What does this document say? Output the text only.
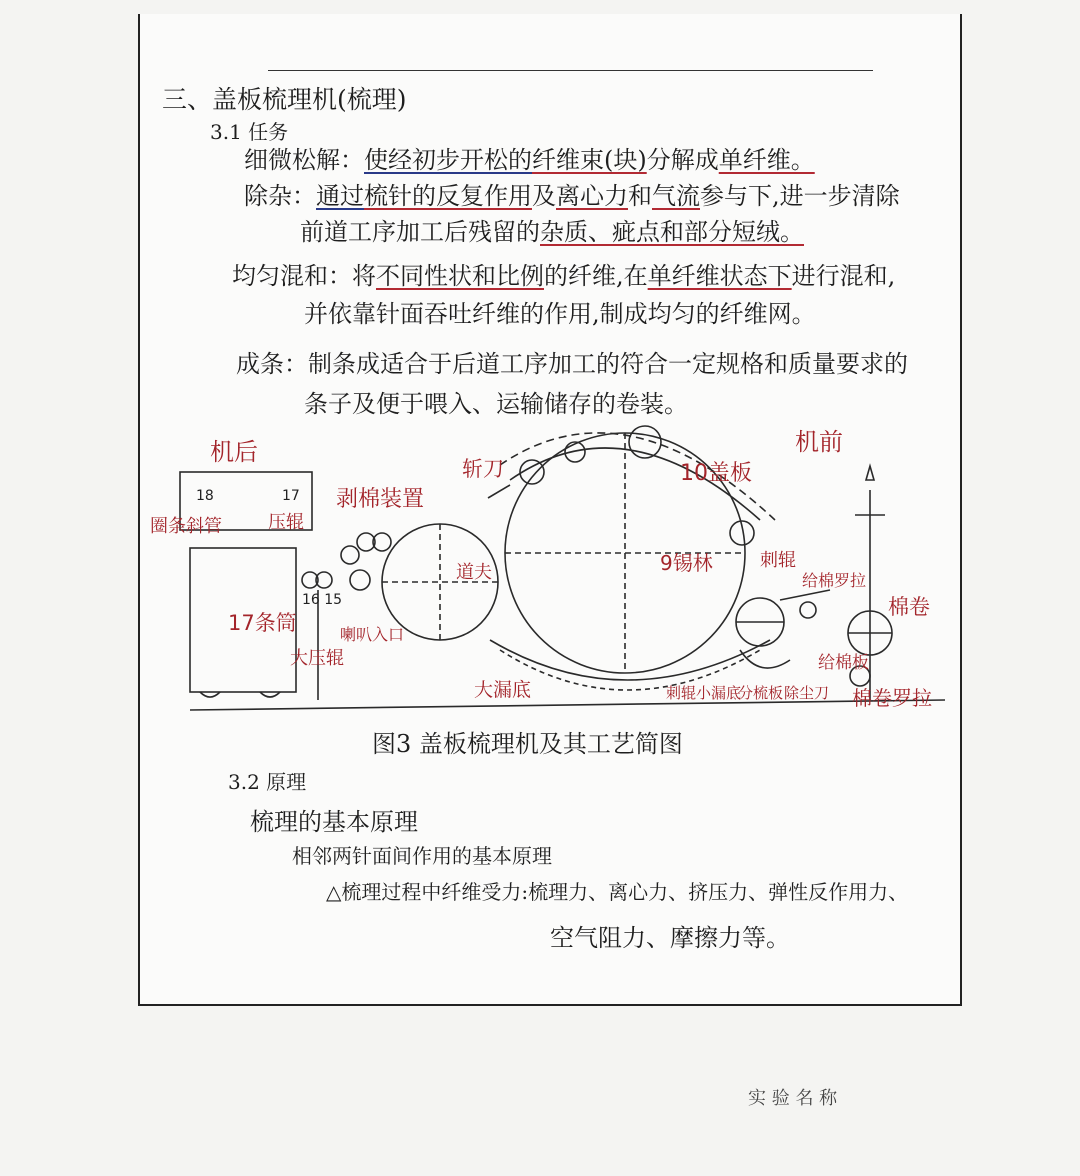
三、盖板梳理机(梳理)
3.1 任务
细微松解：使经初步开松的纤维束(块)分解成单纤维。
除杂：通过梳针的反复作用及离心力和气流参与下,进一步清除
前道工序加工后残留的杂质、疵点和部分短绒。
均匀混和：将不同性状和比例的纤维,在单纤维状态下进行混和,
并依靠针面吞吐纤维的作用,制成均匀的纤维网。
成条：制条成适合于后道工序加工的符合一定规格和质量要求的
条子及便于喂入、运输储存的卷装。
机后	机前
圈条斜管	压辊
17条筒
大压辊
喇叭入口
剥棉装置
道夫
斩刀	10盖板
9锡林	刺辊
给棉罗拉
棉卷
给棉板
棉卷罗拉
除尘刀
分梳板
刺辊小漏底
大漏底
18	17
16 15
图3 盖板梳理机及其工艺简图
3.2 原理
梳理的基本原理
相邻两针面间作用的基本原理
△梳理过程中纤维受力:梳理力、离心力、挤压力、弹性反作用力、
空气阻力、摩擦力等。
实 验 名 称
